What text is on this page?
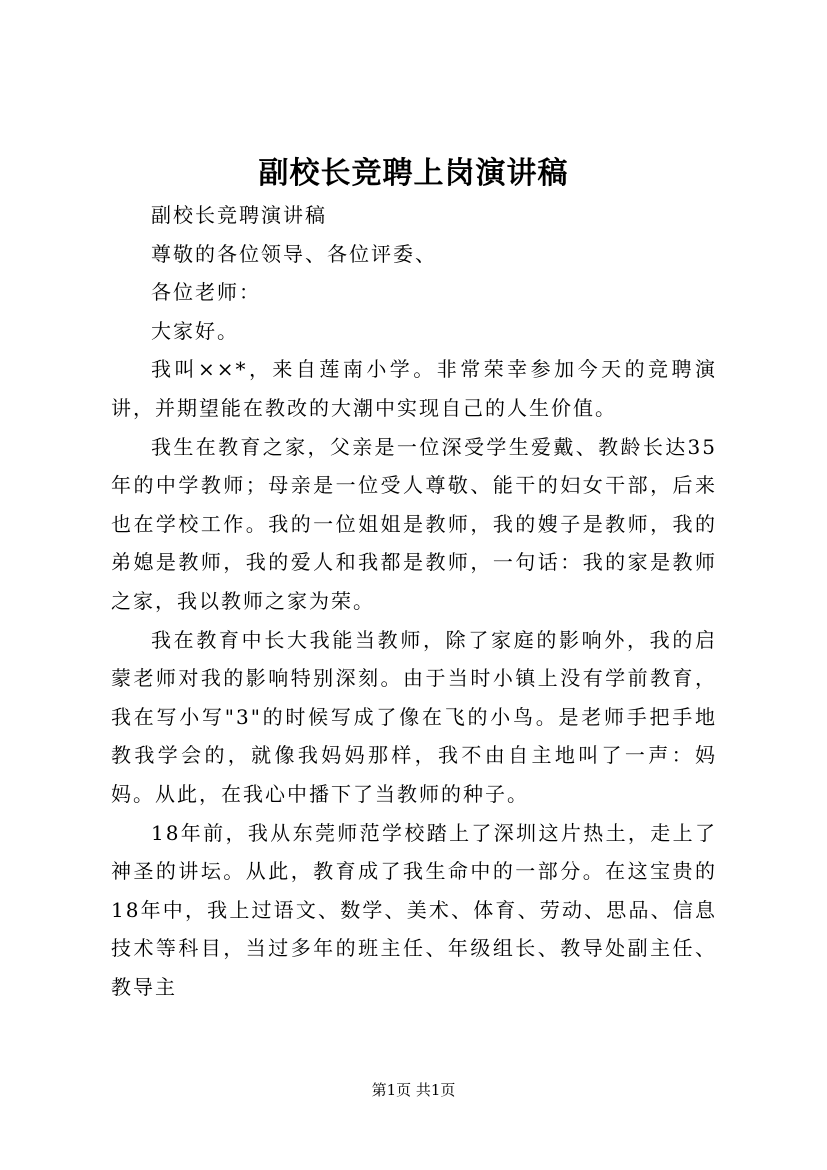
副校长竞聘上岗演讲稿

副校长竞聘演讲稿

尊敬的各位领导、各位评委、

各位老师：

大家好。

我叫××*，来自莲南小学。非常荣幸参加今天的竞聘演讲，并期望能在教改的大潮中实现自己的人生价值。

我生在教育之家，父亲是一位深受学生爱戴、教龄长达35年的中学教师；母亲是一位受人尊敬、能干的妇女干部，后来也在学校工作。我的一位姐姐是教师，我的嫂子是教师，我的弟媳是教师，我的爱人和我都是教师，一句话：我的家是教师之家，我以教师之家为荣。

我在教育中长大我能当教师，除了家庭的影响外，我的启蒙老师对我的影响特别深刻。由于当时小镇上没有学前教育，我在写小写"3"的时候写成了像在飞的小鸟。是老师手把手地教我学会的，就像我妈妈那样，我不由自主地叫了一声：妈妈。从此，在我心中播下了当教师的种子。

18年前，我从东莞师范学校踏上了深圳这片热土，走上了神圣的讲坛。从此，教育成了我生命中的一部分。在这宝贵的18年中，我上过语文、数学、美术、体育、劳动、思品、信息技术等科目，当过多年的班主任、年级组长、教导处副主任、教导主

第1页 共1页
